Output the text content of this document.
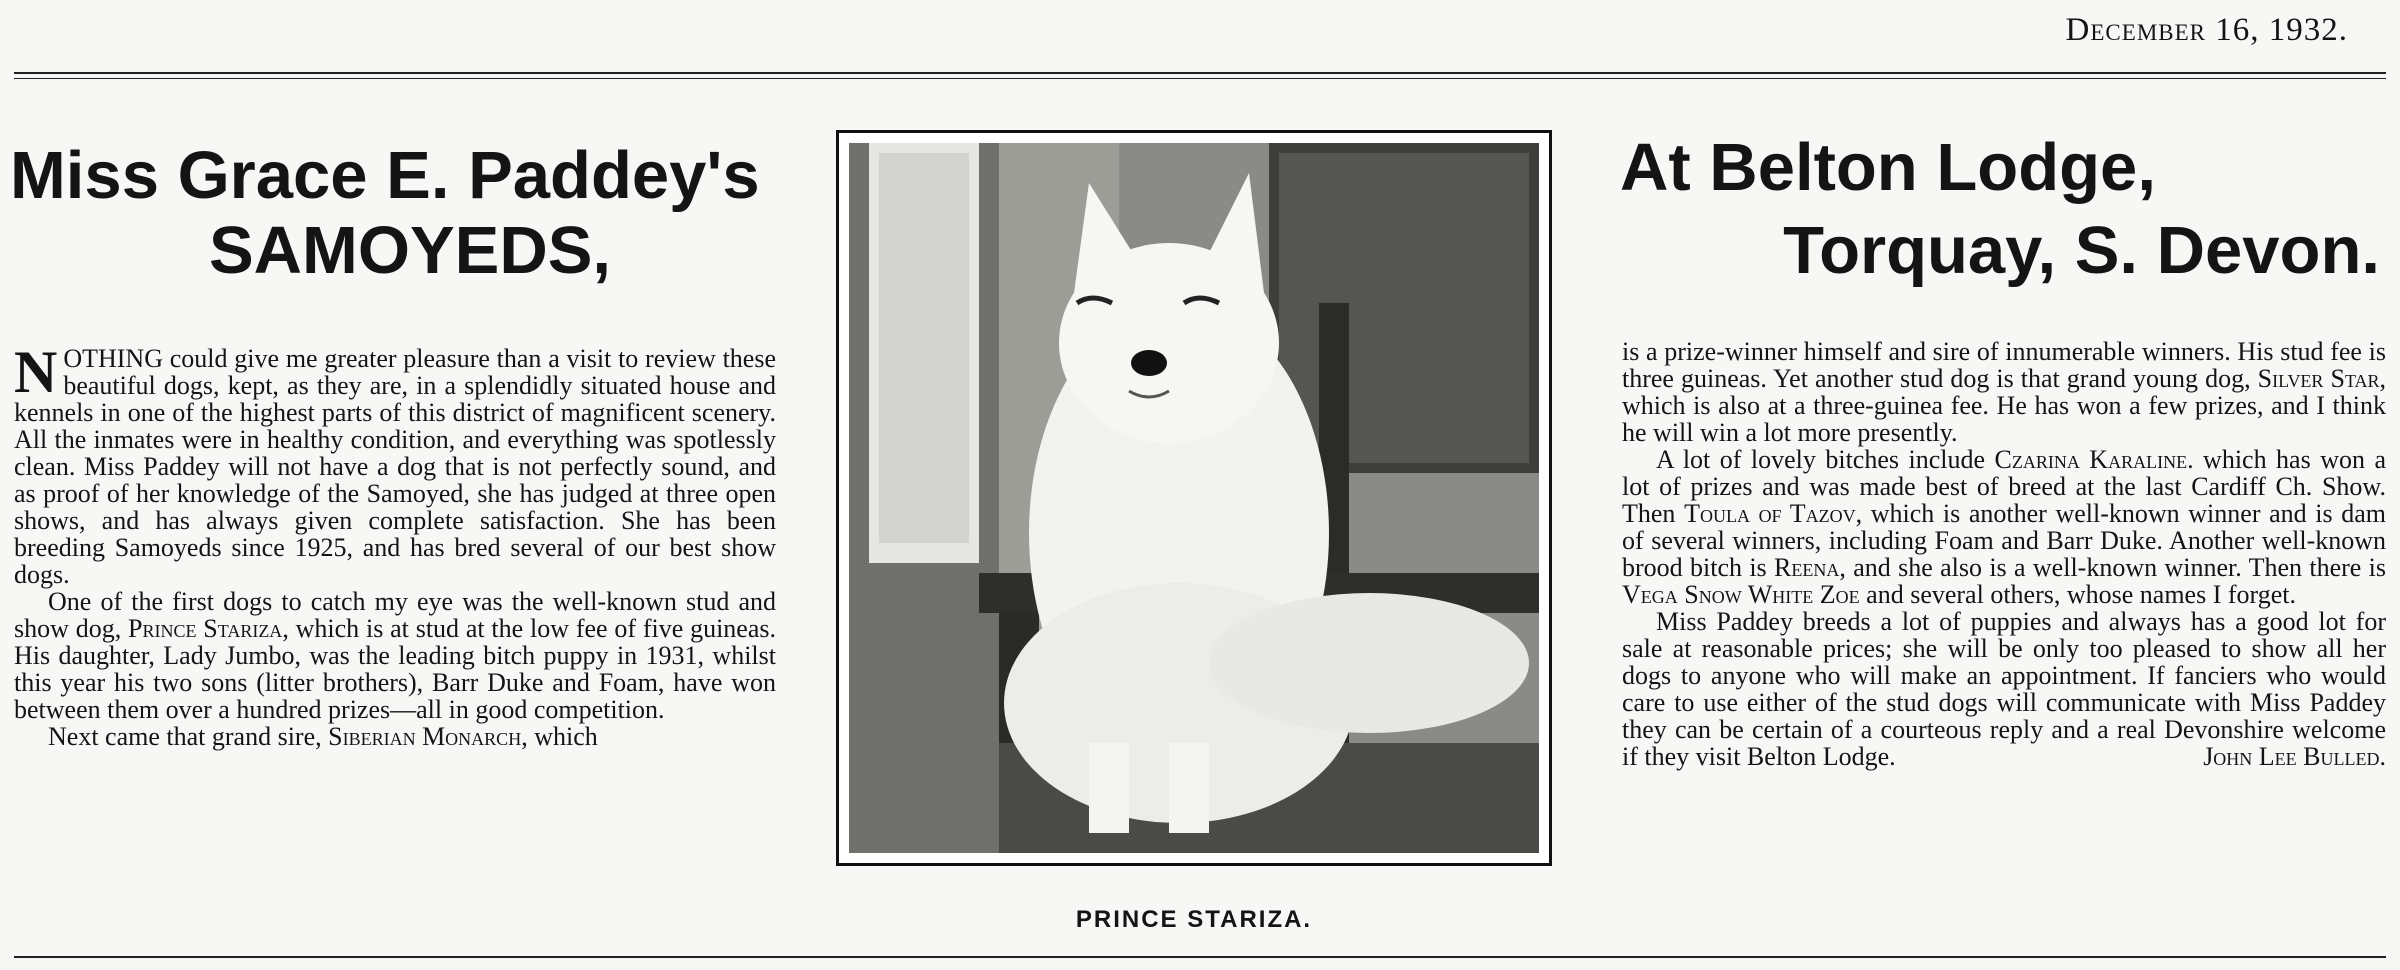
December 16, 1932.
Miss Grace E. Paddey's
SAMOYEDS,
At Belton Lodge,
Torquay, S. Devon.

NOTHING could give me greater pleasure than a visit to review these beautiful dogs, kept, as they are, in a splendidly situated house and kennels in one of the highest parts of this district of magnificent scenery. All the inmates were in healthy condition, and everything was spotlessly clean. Miss Paddey will not have a dog that is not perfectly sound, and as proof of her knowledge of the Samoyed, she has judged at three open shows, and has always given complete satisfaction. She has been breeding Samoyeds since 1925, and has bred several of our best show dogs.

One of the first dogs to catch my eye was the well-known stud and show dog, Prince Stariza, which is at stud at the low fee of five guineas. His daughter, Lady Jumbo, was the leading bitch puppy in 1931, whilst this year his two sons (litter brothers), Barr Duke and Foam, have won between them over a hundred prizes—all in good competition.

Next came that grand sire, Siberian Monarch, which

PRINCE STARIZA.

is a prize-winner himself and sire of innumerable winners. His stud fee is three guineas. Yet another stud dog is that grand young dog, Silver Star, which is also at a three-guinea fee. He has won a few prizes, and I think he will win a lot more presently.

A lot of lovely bitches include Czarina Karaline. which has won a lot of prizes and was made best of breed at the last Cardiff Ch. Show. Then Toula of Tazov, which is another well-known winner and is dam of several winners, including Foam and Barr Duke. Another well-known brood bitch is Reena, and she also is a well-known winner. Then there is Vega Snow White Zoe and several others, whose names I forget.

Miss Paddey breeds a lot of puppies and always has a good lot for sale at reasonable prices; she will be only too pleased to show all her dogs to anyone who will make an appointment. If fanciers who would care to use either of the stud dogs will communicate with Miss Paddey they can be certain of a courteous reply and a real Devonshire welcome if they visit Belton Lodge.	John Lee Bulled.
